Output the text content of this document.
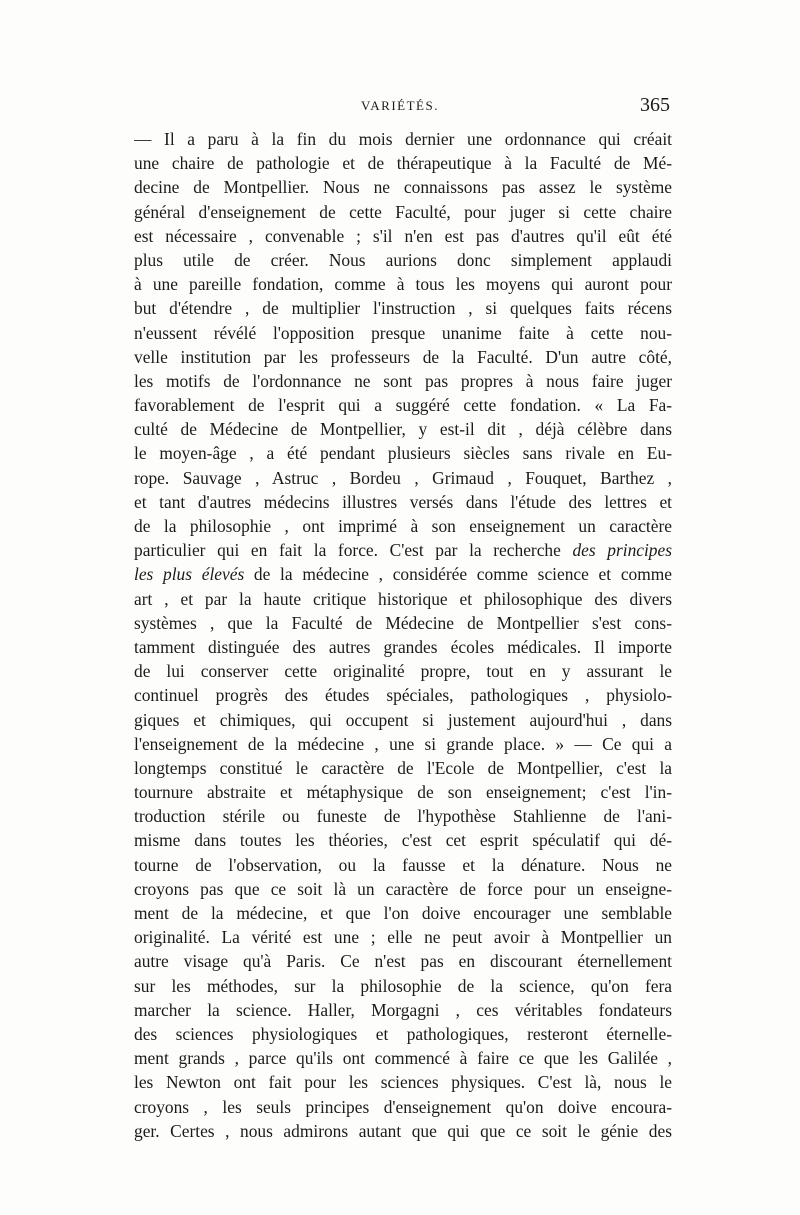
VARIÉTÉS.	365
— Il a paru à la fin du mois dernier une ordonnance qui créait
une chaire de pathologie et de thérapeutique à la Faculté de Mé-
decine de Montpellier. Nous ne connaissons pas assez le système
général d'enseignement de cette Faculté, pour juger si cette chaire
est nécessaire , convenable ; s'il n'en est pas d'autres qu'il eût été
plus utile de créer. Nous aurions donc simplement applaudi
à une pareille fondation, comme à tous les moyens qui auront pour
but d'étendre , de multiplier l'instruction , si quelques faits récens
n'eussent révélé l'opposition presque unanime faite à cette nou-
velle institution par les professeurs de la Faculté. D'un autre côté,
les motifs de l'ordonnance ne sont pas propres à nous faire juger
favorablement de l'esprit qui a suggéré cette fondation. « La Fa-
culté de Médecine de Montpellier, y est-il dit , déjà célèbre dans
le moyen-âge , a été pendant plusieurs siècles sans rivale en Eu-
rope. Sauvage , Astruc , Bordeu , Grimaud , Fouquet, Barthez ,
et tant d'autres médecins illustres versés dans l'étude des lettres et
de la philosophie , ont imprimé à son enseignement un caractère
particulier qui en fait la force. C'est par la recherche des principes
les plus élevés de la médecine , considérée comme science et comme
art , et par la haute critique historique et philosophique des divers
systèmes , que la Faculté de Médecine de Montpellier s'est cons-
tamment distinguée des autres grandes écoles médicales. Il importe
de lui conserver cette originalité propre, tout en y assurant le
continuel progrès des études spéciales, pathologiques , physiolo-
giques et chimiques, qui occupent si justement aujourd'hui , dans
l'enseignement de la médecine , une si grande place. » — Ce qui a
longtemps constitué le caractère de l'Ecole de Montpellier, c'est la
tournure abstraite et métaphysique de son enseignement; c'est l'in-
troduction stérile ou funeste de l'hypothèse Stahlienne de l'ani-
misme dans toutes les théories, c'est cet esprit spéculatif qui dé-
tourne de l'observation, ou la fausse et la dénature. Nous ne
croyons pas que ce soit là un caractère de force pour un enseigne-
ment de la médecine, et que l'on doive encourager une semblable
originalité. La vérité est une ; elle ne peut avoir à Montpellier un
autre visage qu'à Paris. Ce n'est pas en discourant éternellement
sur les méthodes, sur la philosophie de la science, qu'on fera
marcher la science. Haller, Morgagni , ces véritables fondateurs
des sciences physiologiques et pathologiques, resteront éternelle-
ment grands , parce qu'ils ont commencé à faire ce que les Galilée ,
les Newton ont fait pour les sciences physiques. C'est là, nous le
croyons , les seuls principes d'enseignement qu'on doive encoura-
ger. Certes , nous admirons autant que qui que ce soit le génie des
